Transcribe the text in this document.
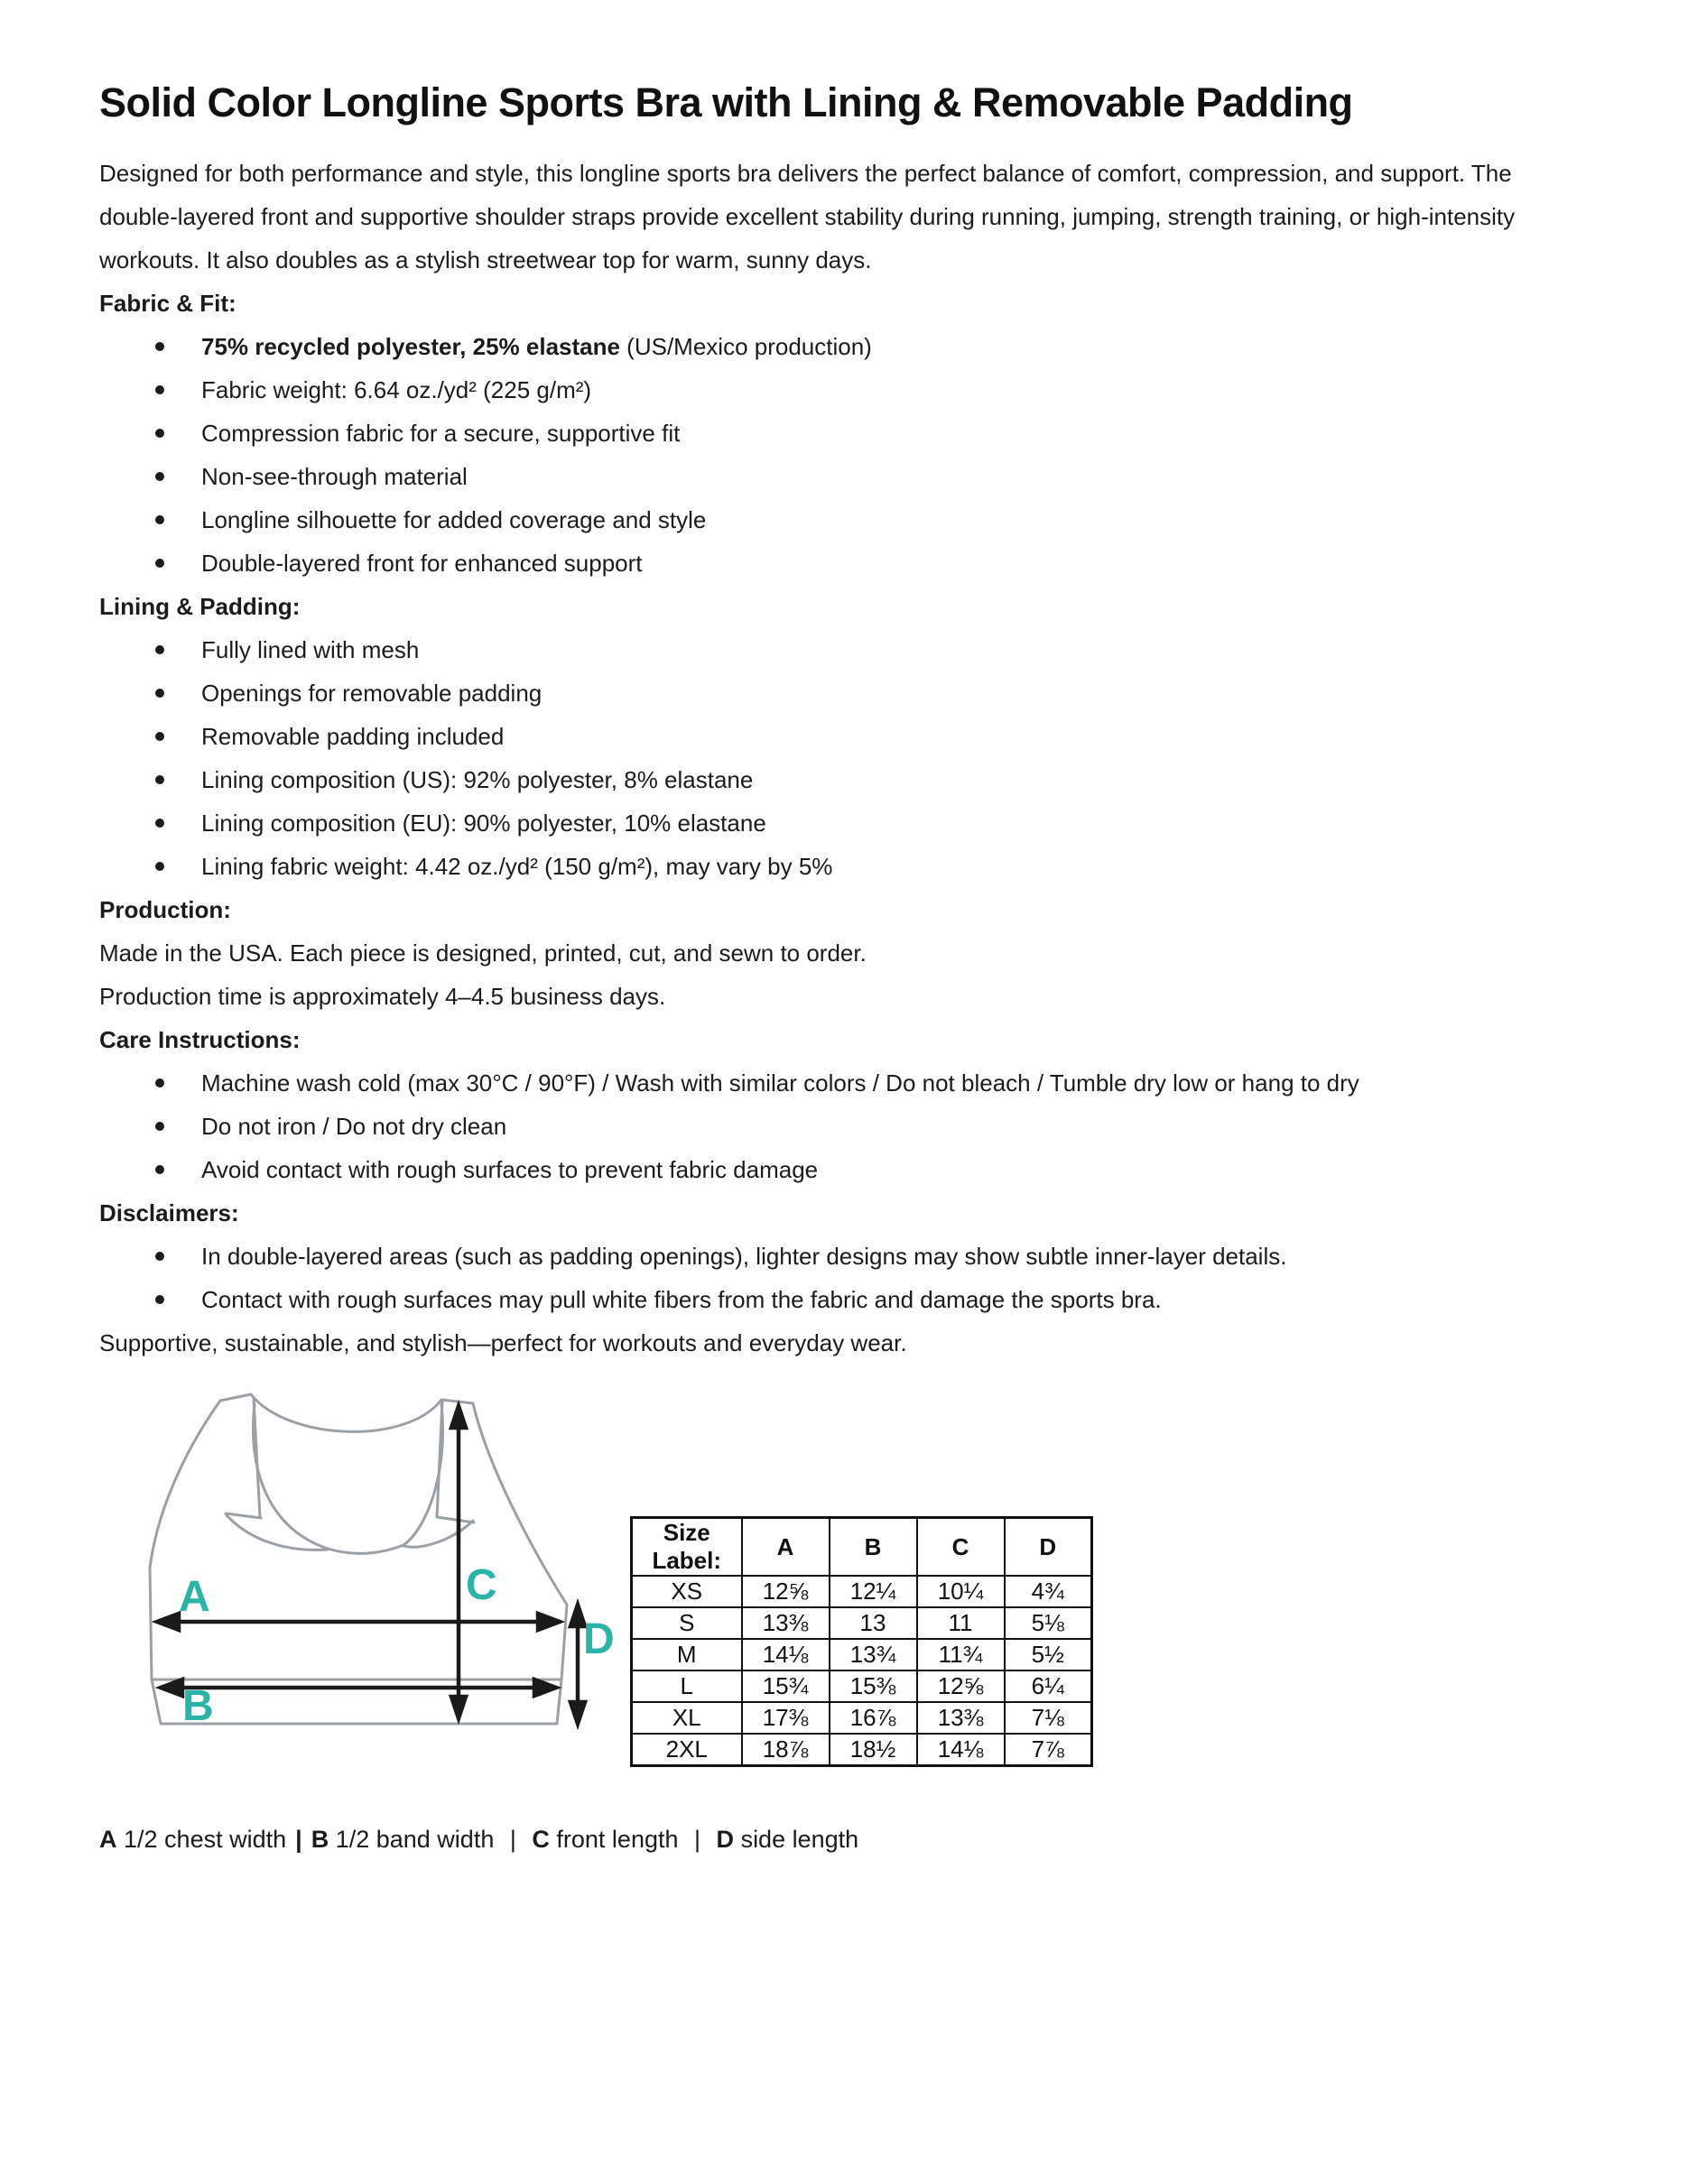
Solid Color Longline Sports Bra with Lining & Removable Padding

Designed for both performance and style, this longline sports bra delivers the perfect balance of comfort, compression, and support. The double-layered front and supportive shoulder straps provide excellent stability during running, jumping, strength training, or high-intensity workouts. It also doubles as a stylish streetwear top for warm, sunny days.

Fabric & Fit:

75% recycled polyester, 25% elastane (US/Mexico production)
Fabric weight: 6.64 oz./yd² (225 g/m²)
Compression fabric for a secure, supportive fit
Non-see-through material
Longline silhouette for added coverage and style
Double-layered front for enhanced support

Lining & Padding:

Fully lined with mesh
Openings for removable padding
Removable padding included
Lining composition (US): 92% polyester, 8% elastane
Lining composition (EU): 90% polyester, 10% elastane
Lining fabric weight: 4.42 oz./yd² (150 g/m²), may vary by 5%

Production:

Made in the USA. Each piece is designed, printed, cut, and sewn to order.

Production time is approximately 4–4.5 business days.

Care Instructions:

Machine wash cold (max 30°C / 90°F) / Wash with similar colors / Do not bleach / Tumble dry low or hang to dry
Do not iron / Do not dry clean
Avoid contact with rough surfaces to prevent fabric damage

Disclaimers:

In double-layered areas (such as padding openings), lighter designs may show subtle inner-layer details.
Contact with rough surfaces may pull white fibers from the fabric and damage the sports bra.

Supportive, sustainable, and stylish—perfect for workouts and everyday wear.

A
B
C
D
Size Label:	A	B	C	D
XS	12⅝	12¼	10¼	4¾
S	13⅜	13	11	5⅛
M	14⅛	13¾	11¾	5½
L	15¾	15⅜	12⅝	6¼
XL	17⅜	16⅞	13⅜	7⅛
2XL	18⅞	18½	14⅛	7⅞

A 1/2 chest width | B 1/2 band width | C front length | D side length
